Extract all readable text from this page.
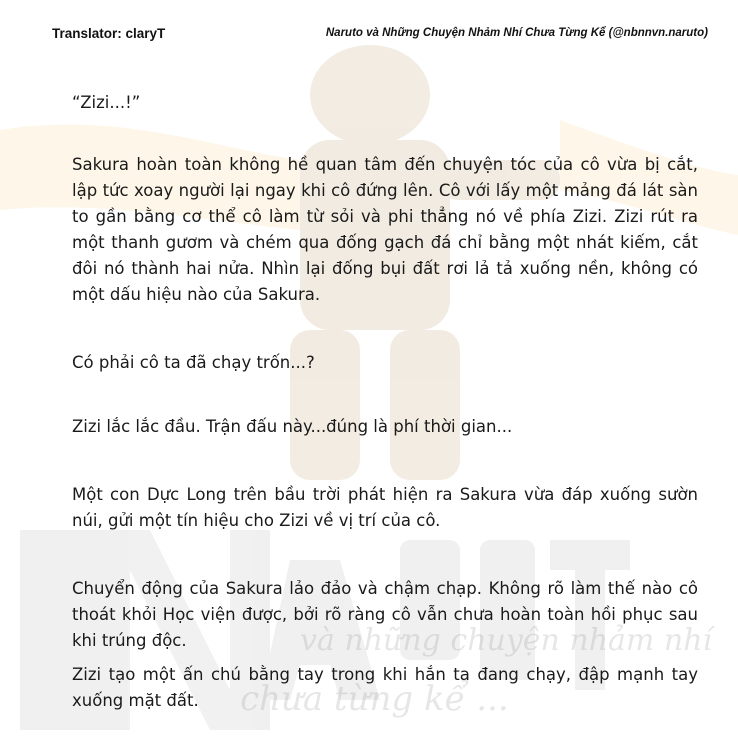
và những chuyện nhảm nhí
chưa từng kể ...
Translator: claryT	Naruto và Những Chuyện Nhảm Nhí Chưa Từng Kể (@nbnnvn.naruto)

“Zizi...!”

Sakura hoàn toàn không hề quan tâm đến chuyện tóc của cô vừa bị cắt, lập tức xoay người lại ngay khi cô đứng lên. Cô với lấy một mảng đá lát sàn to gần bằng cơ thể cô làm từ sỏi và phi thẳng nó về phía Zizi. Zizi rút ra một thanh gươm và chém qua đống gạch đá chỉ bằng một nhát kiếm, cắt đôi nó thành hai nửa. Nhìn lại đống bụi đất rơi lả tả xuống nền, không có một dấu hiệu nào của Sakura.

Có phải cô ta đã chạy trốn...?

Zizi lắc lắc đầu. Trận đấu này...đúng là phí thời gian...

Một con Dực Long trên bầu trời phát hiện ra Sakura vừa đáp xuống sườn núi, gửi một tín hiệu cho Zizi về vị trí của cô.

Chuyển động của Sakura lảo đảo và chậm chạp. Không rõ làm thế nào cô thoát khỏi Học viện được, bởi rõ ràng cô vẫn chưa hoàn toàn hồi phục sau khi trúng độc.

Zizi tạo một ấn chú bằng tay trong khi hắn ta đang chạy, đập mạnh tay xuống mặt đất.
